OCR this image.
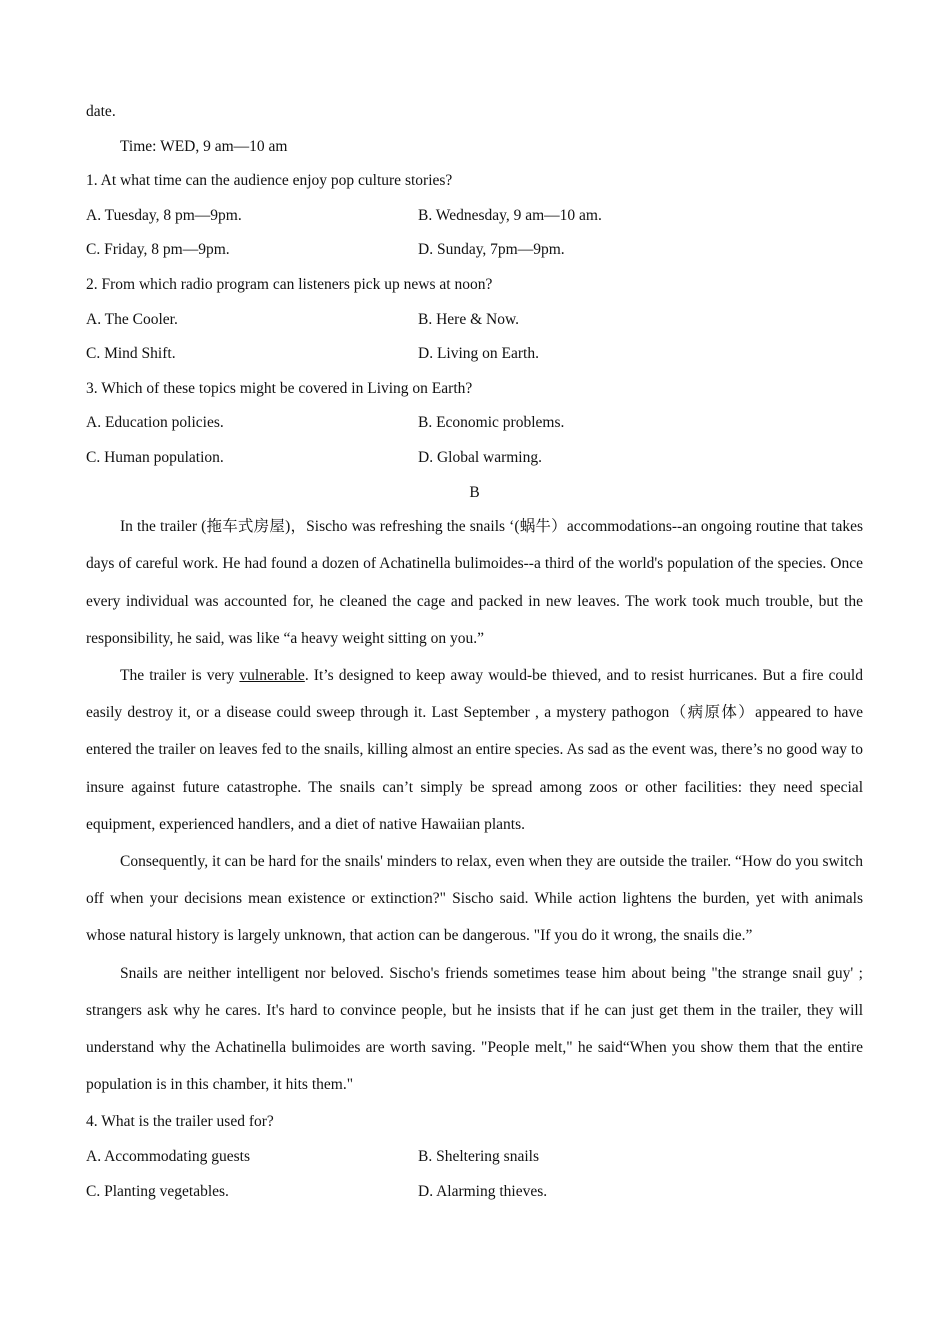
date.
Time: WED, 9 am—10 am
1. At what time can the audience enjoy pop culture stories?
A. Tuesday, 8 pm—9pm.	B. Wednesday, 9 am—10 am.
C. Friday, 8 pm—9pm.	D. Sunday, 7pm—9pm.
2. From which radio program can listeners pick up news at noon?
A. The Cooler.	B. Here & Now.
C. Mind Shift.	D. Living on Earth.
3. Which of these topics might be covered in Living on Earth?
A. Education policies.	B. Economic problems.
C. Human population.	D. Global warming.
B
In the trailer (拖车式房屋)，Sischo was refreshing the snails ‘(蜗牛）accommodations--an ongoing routine that takes days of careful work. He had found a dozen of Achatinella bulimoides--a third of the world's population of the species. Once every individual was accounted for, he cleaned the cage and packed in new leaves. The work took much trouble, but the responsibility, he said, was like “a heavy weight sitting on you.”
The trailer is very vulnerable. It’s designed to keep away would-be thieved, and to resist hurricanes. But a fire could easily destroy it, or a disease could sweep through it. Last September , a mystery pathogon（病原体）appeared to have entered the trailer on leaves fed to the snails, killing almost an entire species. As sad as the event was, there’s no good way to insure against future catastrophe. The snails can’t simply be spread among zoos or other facilities: they need special equipment, experienced handlers, and a diet of native Hawaiian plants.
Consequently, it can be hard for the snails' minders to relax, even when they are outside the trailer. “How do you switch off when your decisions mean existence or extinction?" Sischo said. While action lightens the burden, yet with animals whose natural history is largely unknown, that action can be dangerous. "If you do it wrong, the snails die.”
Snails are neither intelligent nor beloved. Sischo's friends sometimes tease him about being "the strange snail guy' ; strangers ask why he cares. It's hard to convince people, but he insists that if he can just get them in the trailer, they will understand why the Achatinella bulimoides are worth saving. "People melt," he said“When you show them that the entire population is in this chamber, it hits them."
4. What is the trailer used for?
A. Accommodating guests	B. Sheltering snails
C. Planting vegetables.	D. Alarming thieves.
